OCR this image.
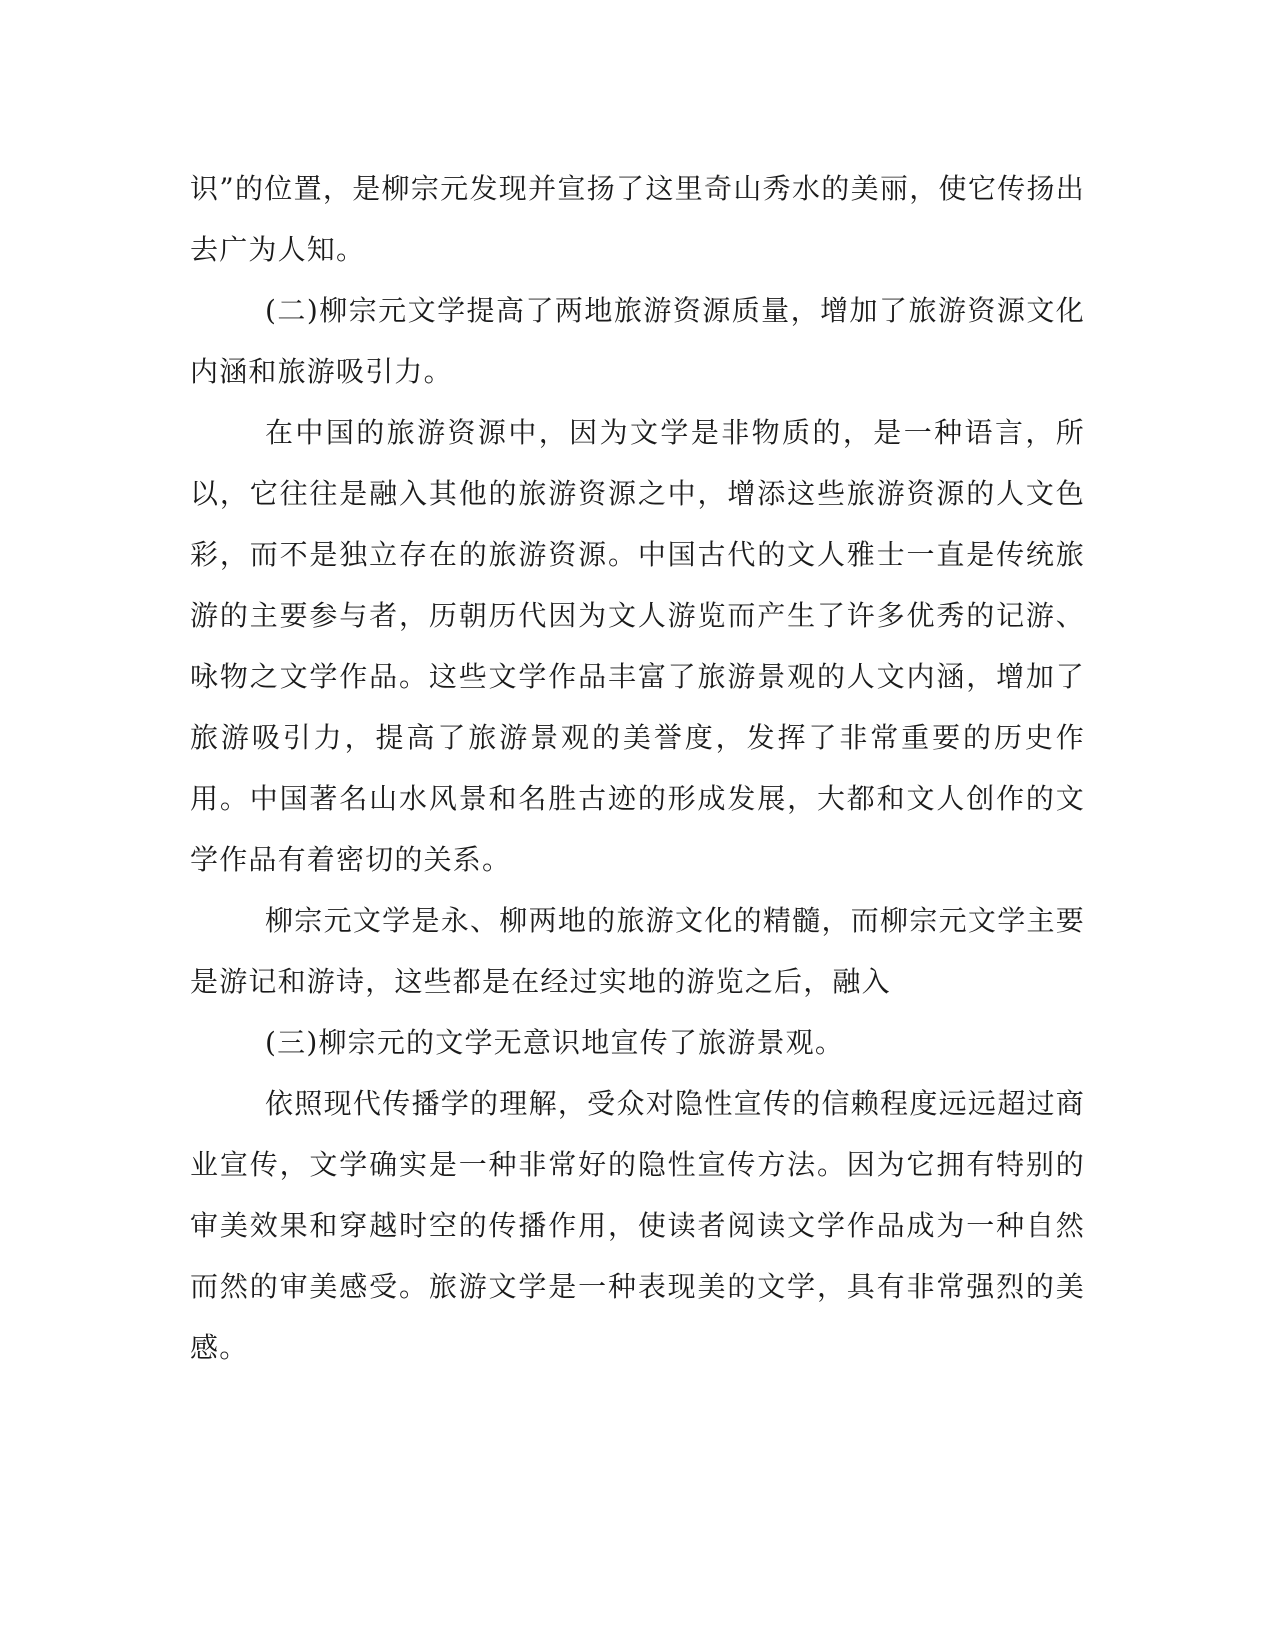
识”的位置，是柳宗元发现并宣扬了这里奇山秀水的美丽，使它传扬出去广为人知。

(二)柳宗元文学提高了两地旅游资源质量，增加了旅游资源文化内涵和旅游吸引力。

在中国的旅游资源中，因为文学是非物质的，是一种语言，所以，它往往是融入其他的旅游资源之中，增添这些旅游资源的人文色彩，而不是独立存在的旅游资源。中国古代的文人雅士一直是传统旅游的主要参与者，历朝历代因为文人游览而产生了许多优秀的记游、咏物之文学作品。这些文学作品丰富了旅游景观的人文内涵，增加了旅游吸引力，提高了旅游景观的美誉度，发挥了非常重要的历史作用。中国著名山水风景和名胜古迹的形成发展，大都和文人创作的文学作品有着密切的关系。

柳宗元文学是永、柳两地的旅游文化的精髓，而柳宗元文学主要是游记和游诗，这些都是在经过实地的游览之后，融入

(三)柳宗元的文学无意识地宣传了旅游景观。

依照现代传播学的理解，受众对隐性宣传的信赖程度远远超过商业宣传，文学确实是一种非常好的隐性宣传方法。因为它拥有特别的审美效果和穿越时空的传播作用，使读者阅读文学作品成为一种自然而然的审美感受。旅游文学是一种表现美的文学，具有非常强烈的美感。
